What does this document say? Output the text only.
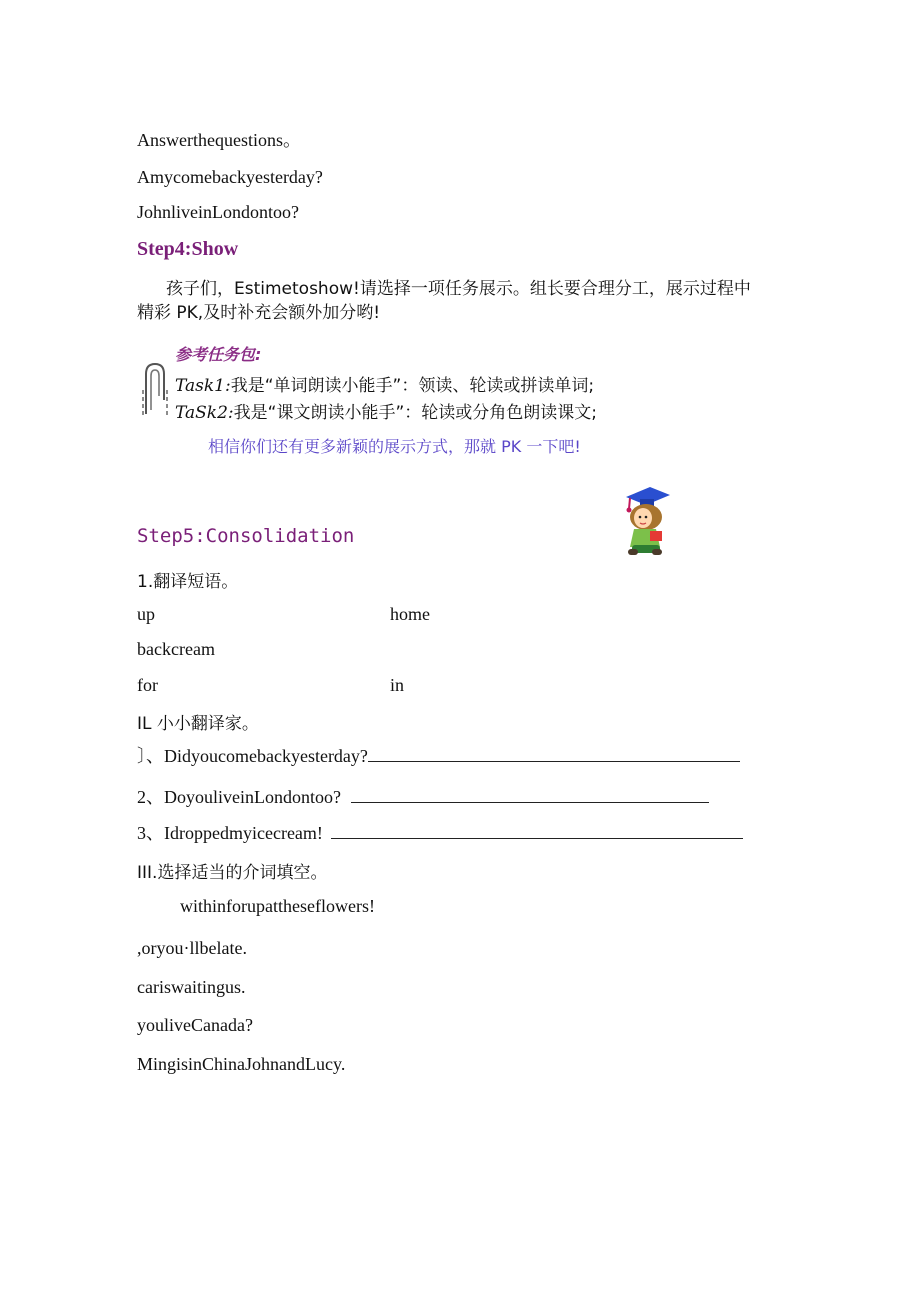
Answerthequestions。
Amycomebackyesterday?
JohnliveinLondontoo?
Step4:Show
孩子们，Estimetoshow!请选择一项任务展示。组长要合理分工，展示过程中
精彩 PK,及时补充会额外加分哟!
参考任务包:
Task1:我是“单词朗读小能手”：领读、轮读或拼读单词;
TaSk2:我是“课文朗读小能手”：轮读或分角色朗读课文;
相信你们还有更多新颖的展示方式，那就 PK 一下吧!
Step5:Consolidation
1.翻译短语。
up	home
backcream
for	in
IL 小小翻译家。
〕、Didyoucomebackyesterday?
2、DoyouliveinLondontoo?
3、Idroppedmyicecream!
III.选择适当的介词填空。
withinforupattheseflowers!
,oryou·llbelate.
cariswaitingus.
youliveCanada?
MingisinChinaJohnandLucy.
